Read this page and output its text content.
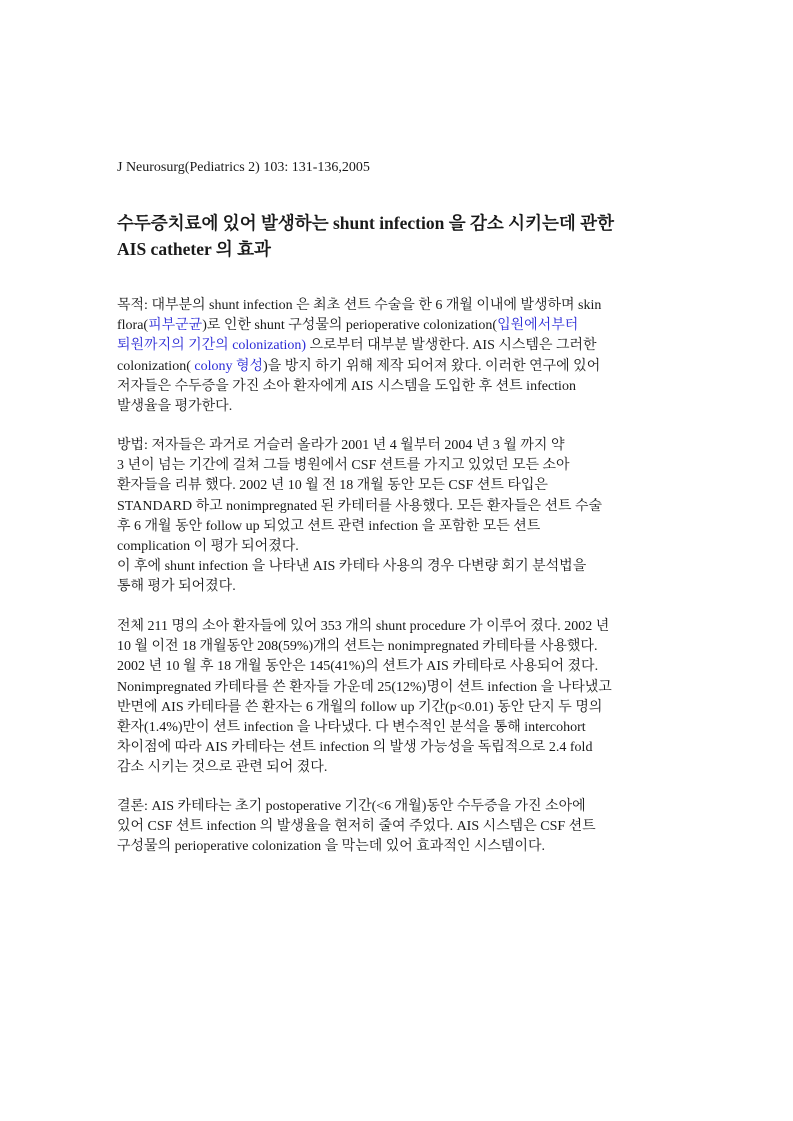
J Neurosurg(Pediatrics 2) 103: 131-136,2005
수두증치료에 있어 발생하는 shunt infection 을 감소 시키는데 관한
AIS catheter 의 효과

목적: 대부분의 shunt infection 은 최초 션트 수술을 한 6 개월 이내에 발생하며 skin
flora(피부군균)로 인한 shunt 구성물의 perioperative colonization(입원에서부터
퇴원까지의 기간의 colonization) 으로부터 대부분 발생한다. AIS 시스템은 그러한
colonization( colony 형성)을 방지 하기 위해 제작 되어져 왔다. 이러한 연구에 있어
저자들은 수두증을 가진 소아 환자에게 AIS 시스템을 도입한 후 션트 infection
발생율을 평가한다.

방법: 저자들은 과거로 거슬러 올라가 2001 년 4 월부터 2004 년 3 월 까지 약
3 년이 넘는 기간에 걸쳐 그들 병원에서 CSF 션트를 가지고 있었던 모든 소아
환자들을 리뷰 했다. 2002 년 10 월 전 18 개월 동안 모든 CSF 션트 타입은
STANDARD 하고 nonimpregnated 된 카테터를 사용했다. 모든 환자들은 션트 수술
후 6 개월 동안 follow up 되었고 션트 관련 infection 을 포함한 모든 션트
complication 이 평가 되어졌다.
이 후에 shunt infection 을 나타낸 AIS 카테타 사용의 경우 다변량 회기 분석법을
통해 평가 되어졌다.

전체 211 명의 소아 환자들에 있어 353 개의 shunt procedure 가 이루어 졌다. 2002 년
10 월 이전 18 개월동안 208(59%)개의 션트는 nonimpregnated 카테타를 사용했다.
2002 년 10 월 후 18 개월 동안은 145(41%)의 션트가 AIS 카테타로 사용되어 졌다.
Nonimpregnated 카테타를 쓴 환자들 가운데 25(12%)명이 션트 infection 을 나타냈고
반면에 AIS 카테타를 쓴 환자는 6 개월의 follow up 기간(p<0.01) 동안 단지 두 명의
환자(1.4%)만이 션트 infection 을 나타냈다. 다 변수적인 분석을 통해 intercohort
차이점에 따라 AIS 카테타는 션트 infection 의 발생 가능성을 독립적으로 2.4 fold
감소 시키는 것으로 관련 되어 졌다.

결론: AIS 카테타는 초기 postoperative 기간(<6 개월)동안 수두증을 가진 소아에
있어 CSF 션트 infection 의 발생율을 현저히 줄여 주었다. AIS 시스템은 CSF 션트
구성물의 perioperative colonization 을 막는데 있어 효과적인 시스템이다.
